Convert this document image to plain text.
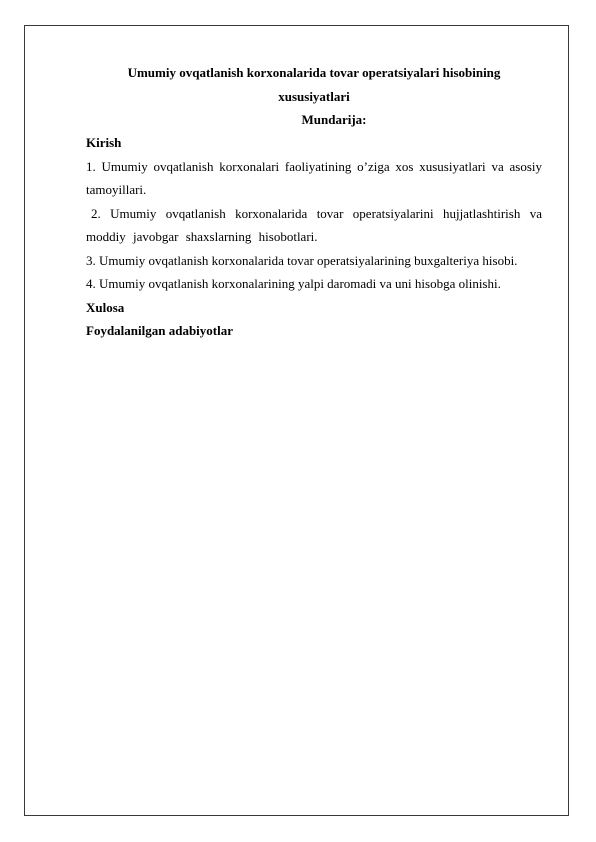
Umumiy ovqatlanish korxonalarida tovar operatsiyalari hisobining

xususiyatlari

Mundarija:

Kirish

1. Umumiy ovqatlanish korxonalari faoliyatining o’ziga xos xususiyatlari va asosiy tamoyillari.

2. Umumiy ovqatlanish korxonalarida tovar operatsiyalarini hujjatlashtirish va moddiy javobgar shaxslarning hisobotlari.

3. Umumiy ovqatlanish korxonalarida tovar operatsiyalarining buxgalteriya hisobi.

4. Umumiy ovqatlanish korxonalarining yalpi daromadi va uni hisobga olinishi.

Xulosa

Foydalanilgan adabiyotlar
